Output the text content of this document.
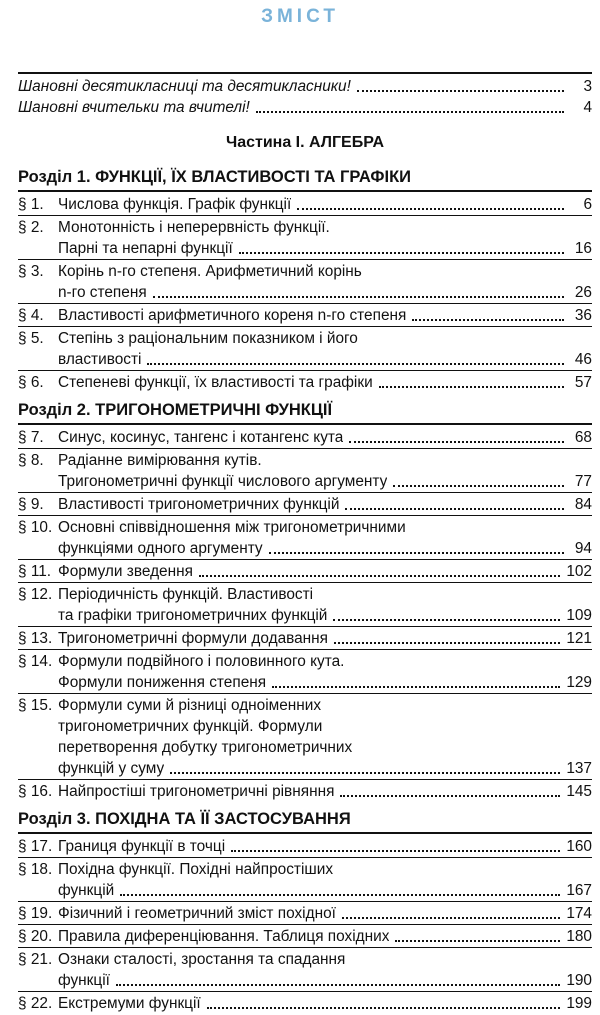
ЗМІСТ
Шановні десятикласниці та десятикласники!	3
Шановні вчительки та вчителі!	4
Частина I. АЛГЕБРА
Розділ 1. ФУНКЦІЇ, ЇХ ВЛАСТИВОСТІ ТА ГРАФІКИ
§ 1. Числова функція. Графік функції	6
§ 2. Монотонність і неперервність функції.
Парні та непарні функції	16
§ 3. Корінь n-го степеня. Арифметичний корінь
n-го степеня	26
§ 4. Властивості арифметичного кореня n-го степеня	36
§ 5. Степінь з раціональним показником і його
властивості	46
§ 6. Степеневі функції, їх властивості та графіки	57
Розділ 2. ТРИГОНОМЕТРИЧНІ ФУНКЦІЇ
§ 7. Синус, косинус, тангенс і котангенс кута	68
§ 8. Радіанне вимірювання кутів.
Тригонометричні функції числового аргументу	77
§ 9. Властивості тригонометричних функцій	84
§ 10. Основні співвідношення між тригонометричними
функціями одного аргументу	94
§ 11. Формули зведення	102
§ 12. Періодичність функцій. Властивості
та графіки тригонометричних функцій	109
§ 13. Тригонометричні формули додавання	121
§ 14. Формули подвійного і половинного кута.
Формули пониження степеня	129
§ 15. Формули суми й різниці одноіменних
тригонометричних функцій. Формули
перетворення добутку тригонометричних
функцій у суму	137
§ 16. Найпростіші тригонометричні рівняння	145
Розділ 3. ПОХІДНА ТА ЇЇ ЗАСТОСУВАННЯ
§ 17. Границя функції в точці	160
§ 18. Похідна функції. Похідні найпростіших
функцій	167
§ 19. Фізичний і геометричний зміст похідної	174
§ 20. Правила диференціювання. Таблиця похідних	180
§ 21. Ознаки сталості, зростання та спадання
функції	190
§ 22. Екстремуми функції	199
